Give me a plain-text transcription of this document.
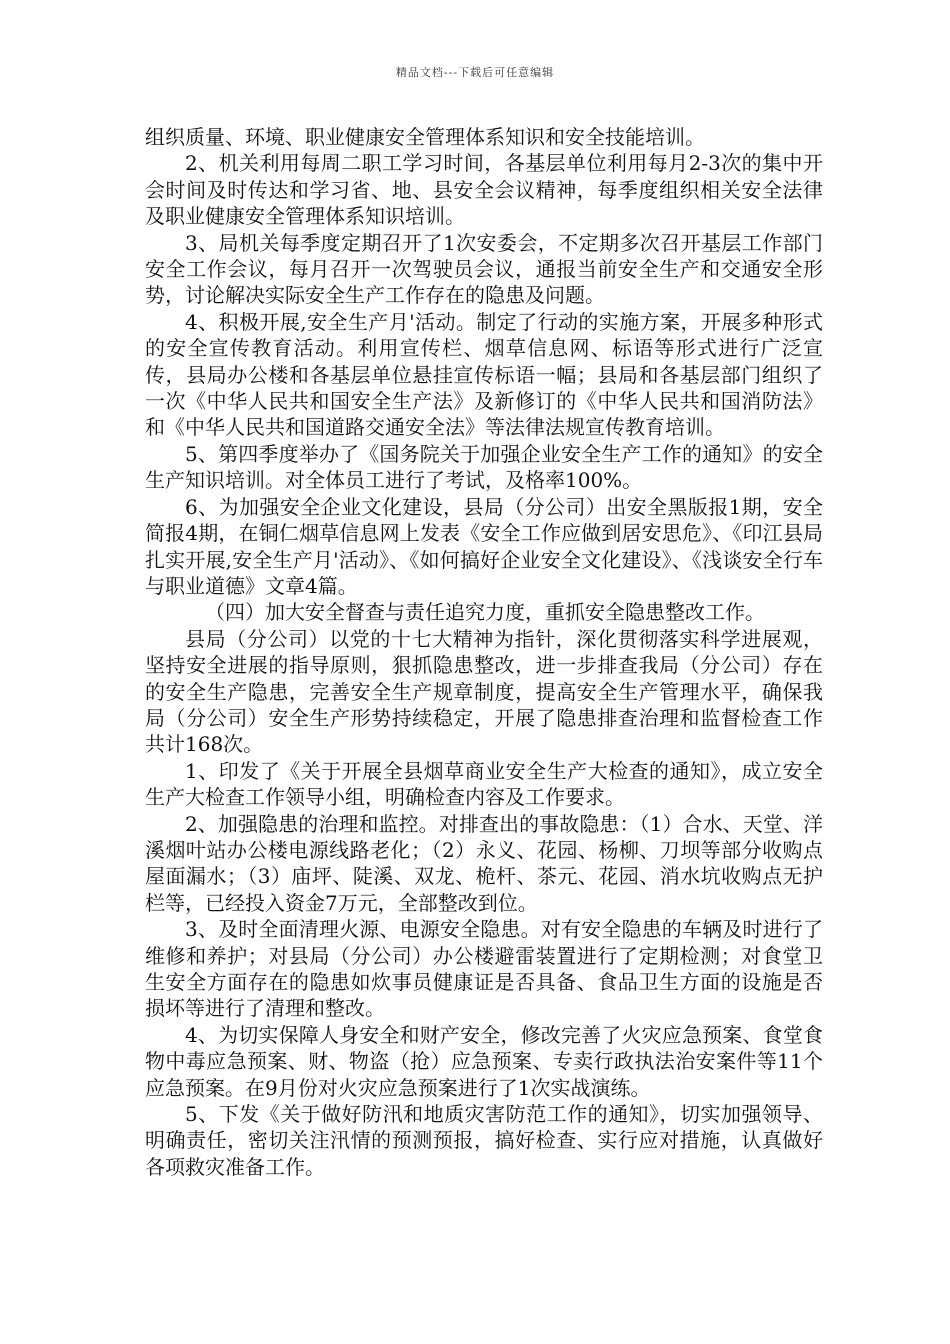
精品文档---下载后可任意编辑

组织质量、环境、职业健康安全管理体系知识和安全技能培训。

2、机关利用每周二职工学习时间，各基层单位利用每月2-3次的集中开会时间及时传达和学习省、地、县安全会议精神，每季度组织相关安全法律及职业健康安全管理体系知识培训。

3、局机关每季度定期召开了1次安委会，不定期多次召开基层工作部门安全工作会议，每月召开一次驾驶员会议，通报当前安全生产和交通安全形势，讨论解决实际安全生产工作存在的隐患及问题。

4、积极开展,安全生产月'活动。制定了行动的实施方案，开展多种形式的安全宣传教育活动。利用宣传栏、烟草信息网、标语等形式进行广泛宣传，县局办公楼和各基层单位悬挂宣传标语一幅；县局和各基层部门组织了一次《中华人民共和国安全生产法》及新修订的《中华人民共和国消防法》和《中华人民共和国道路交通安全法》等法律法规宣传教育培训。

5、第四季度举办了《国务院关于加强企业安全生产工作的通知》的安全生产知识培训。对全体员工进行了考试，及格率100%。

6、为加强安全企业文化建设，县局（分公司）出安全黑版报1期，安全简报4期，在铜仁烟草信息网上发表《安全工作应做到居安思危》、《印江县局扎实开展,安全生产月'活动》、《如何搞好企业安全文化建设》、《浅谈安全行车与职业道德》文章4篇。

（四）加大安全督查与责任追究力度，重抓安全隐患整改工作。

县局（分公司）以党的十七大精神为指针，深化贯彻落实科学进展观，坚持安全进展的指导原则，狠抓隐患整改，进一步排查我局（分公司）存在的安全生产隐患，完善安全生产规章制度，提高安全生产管理水平，确保我局（分公司）安全生产形势持续稳定，开展了隐患排查治理和监督检查工作共计168次。

1、印发了《关于开展全县烟草商业安全生产大检查的通知》，成立安全生产大检查工作领导小组，明确检查内容及工作要求。

2、加强隐患的治理和监控。对排查出的事故隐患：（1）合水、天堂、洋溪烟叶站办公楼电源线路老化；（2）永义、花园、杨柳、刀坝等部分收购点屋面漏水；（3）庙坪、陡溪、双龙、桅杆、茶元、花园、消水坑收购点无护栏等，已经投入资金7万元，全部整改到位。

3、及时全面清理火源、电源安全隐患。对有安全隐患的车辆及时进行了维修和养护；对县局（分公司）办公楼避雷装置进行了定期检测；对食堂卫生安全方面存在的隐患如炊事员健康证是否具备、食品卫生方面的设施是否损坏等进行了清理和整改。

4、为切实保障人身安全和财产安全，修改完善了火灾应急预案、食堂食物中毒应急预案、财、物盗（抢）应急预案、专卖行政执法治安案件等11个应急预案。在9月份对火灾应急预案进行了1次实战演练。

5、下发《关于做好防汛和地质灾害防范工作的通知》，切实加强领导、明确责任，密切关注汛情的预测预报，搞好检查、实行应对措施，认真做好各项救灾准备工作。
